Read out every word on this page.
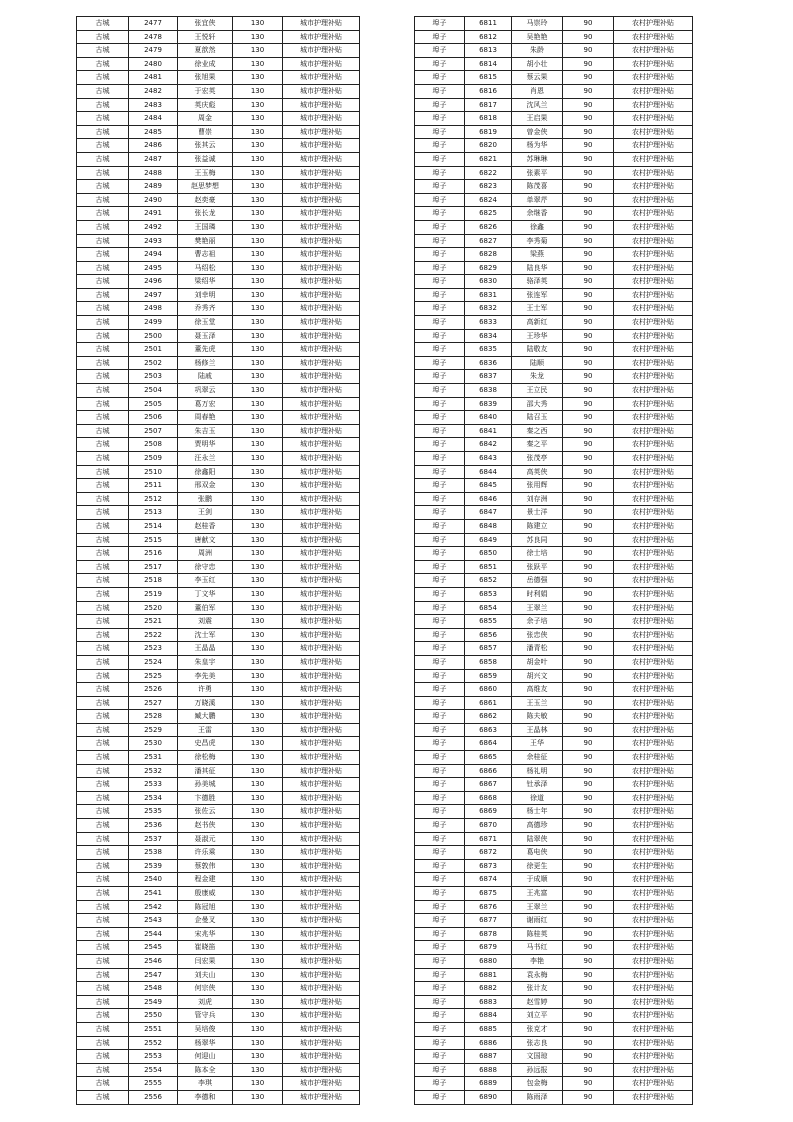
古城	2477	张宜侠	130	城市护理补贴
古城	2478	王悦轩	130	城市护理补贴
古城	2479	夏歆然	130	城市护理补贴
古城	2480	徐业成	130	城市护理补贴
古城	2481	张旭果	130	城市护理补贴
古城	2482	于宏英	130	城市护理补贴
古城	2483	英庆彪	130	城市护理补贴
古城	2484	周金	130	城市护理补贴
古城	2485	曹崇	130	城市护理补贴
古城	2486	张其云	130	城市护理补贴
古城	2487	张益诚	130	城市护理补贴
古城	2488	王玉梅	130	城市护理补贴
古城	2489	赵思梦想	130	城市护理补贴
古城	2490	赵奕豪	130	城市护理补贴
古城	2491	张长龙	130	城市护理补贴
古城	2492	王国璘	130	城市护理补贴
古城	2493	樊艳丽	130	城市护理补贴
古城	2494	曹志祖	130	城市护理补贴
古城	2495	马绍松	130	城市护理补贴
古城	2496	梁绍华	130	城市护理补贴
古城	2497	刘幸明	130	城市护理补贴
古城	2498	乔秀齐	130	城市护理补贴
古城	2499	徐玉堂	130	城市护理补贴
古城	2500	聂玉泽	130	城市护理补贴
古城	2501	董先虎	130	城市护理补贴
古城	2502	杨修兰	130	城市护理补贴
古城	2503	陆戚	130	城市护理补贴
古城	2504	巩翠云	130	城市护理补贴
古城	2505	葛万宏	130	城市护理补贴
古城	2506	周春艳	130	城市护理补贴
古城	2507	朱吉玉	130	城市护理补贴
古城	2508	贾明华	130	城市护理补贴
古城	2509	汪永兰	130	城市护理补贴
古城	2510	徐鑫阳	130	城市护理补贴
古城	2511	邢双金	130	城市护理补贴
古城	2512	张鹏	130	城市护理补贴
古城	2513	王剑	130	城市护理补贴
古城	2514	赵桂香	130	城市护理补贴
古城	2515	唐献文	130	城市护理补贴
古城	2516	周洲	130	城市护理补贴
古城	2517	徐守忠	130	城市护理补贴
古城	2518	李玉红	130	城市护理补贴
古城	2519	丁文华	130	城市护理补贴
古城	2520	董伯军	130	城市护理补贴
古城	2521	刘震	130	城市护理补贴
古城	2522	沈士军	130	城市护理补贴
古城	2523	王晶晶	130	城市护理补贴
古城	2524	朱皇宇	130	城市护理补贴
古城	2525	李先美	130	城市护理补贴
古城	2526	许勇	130	城市护理补贴
古城	2527	万晓溪	130	城市护理补贴
古城	2528	臧大鹏	130	城市护理补贴
古城	2529	王雷	130	城市护理补贴
古城	2530	史昌虎	130	城市护理补贴
古城	2531	徐松梅	130	城市护理补贴
古城	2532	潘其征	130	城市护理补贴
古城	2533	孙美城	130	城市护理补贴
古城	2534	卞德胜	130	城市护理补贴
古城	2535	张佐云	130	城市护理补贴
古城	2536	赵书侠	130	城市护理补贴
古城	2537	聂淑元	130	城市护理补贴
古城	2538	许乐乘	130	城市护理补贴
古城	2539	蔡敦伟	130	城市护理补贴
古城	2540	程金建	130	城市护理补贴
古城	2541	殷康威	130	城市护理补贴
古城	2542	陈冠旭	130	城市护理补贴
古城	2543	企曼叉	130	城市护理补贴
古城	2544	宋兆华	130	城市护理补贴
古城	2545	崔晓笛	130	城市护理补贴
古城	2546	闫宏果	130	城市护理补贴
古城	2547	刘夫山	130	城市护理补贴
古城	2548	何宗侠	130	城市护理补贴
古城	2549	刘虎	130	城市护理补贴
古城	2550	管守兵	130	城市护理补贴
古城	2551	吴培俊	130	城市护理补贴
古城	2552	杨翠华	130	城市护理补贴
古城	2553	何迎山	130	城市护理补贴
古城	2554	陈本全	130	城市护理补贴
古城	2555	李琪	130	城市护理补贴
古城	2556	李德和	130	城市护理补贴
埠子	6811	马崇玲	90	农村护理补贴
埠子	6812	吴艳艳	90	农村护理补贴
埠子	6813	朱龄	90	农村护理补贴
埠子	6814	胡小壮	90	农村护理补贴
埠子	6815	蔡云果	90	农村护理补贴
埠子	6816	肖恩	90	农村护理补贴
埠子	6817	沈风兰	90	农村护理补贴
埠子	6818	王启果	90	农村护理补贴
埠子	6819	曾金侠	90	农村护理补贴
埠子	6820	杨为华	90	农村护理补贴
埠子	6821	苏琳琳	90	农村护理补贴
埠子	6822	张素平	90	农村护理补贴
埠子	6823	陈茂喜	90	农村护理补贴
埠子	6824	单翠芹	90	农村护理补贴
埠子	6825	余继香	90	农村护理补贴
埠子	6826	徐鑫	90	农村护理补贴
埠子	6827	李秀菊	90	农村护理补贴
埠子	6828	梁燕	90	农村护理补贴
埠子	6829	陆良华	90	农村护理补贴
埠子	6830	骆泽英	90	农村护理补贴
埠子	6831	张连军	90	农村护理补贴
埠子	6832	王士军	90	农村护理补贴
埠子	6833	高新红	90	农村护理补贴
埠子	6834	王珍华	90	农村护理补贴
埠子	6835	陆敬友	90	农村护理补贴
埠子	6836	陆顺	90	农村护理补贴
埠子	6837	朱龙	90	农村护理补贴
埠子	6838	王立民	90	农村护理补贴
埠子	6839	邵大秀	90	农村护理补贴
埠子	6840	陆召玉	90	农村护理补贴
埠子	6841	秦之西	90	农村护理补贴
埠子	6842	秦之平	90	农村护理补贴
埠子	6843	张茂亭	90	农村护理补贴
埠子	6844	高英侠	90	农村护理补贴
埠子	6845	张用辉	90	农村护理补贴
埠子	6846	刘存洲	90	农村护理补贴
埠子	6847	景士洋	90	农村护理补贴
埠子	6848	陈建立	90	农村护理补贴
埠子	6849	苏良同	90	农村护理补贴
埠子	6850	徐士培	90	农村护理补贴
埠子	6851	张跃平	90	农村护理补贴
埠子	6852	岳德强	90	农村护理补贴
埠子	6853	时利娟	90	农村护理补贴
埠子	6854	王翠兰	90	农村护理补贴
埠子	6855	余子培	90	农村护理补贴
埠子	6856	张忠侠	90	农村护理补贴
埠子	6857	潘青松	90	农村护理补贴
埠子	6858	胡金叶	90	农村护理补贴
埠子	6859	胡兴文	90	农村护理补贴
埠子	6860	高维友	90	农村护理补贴
埠子	6861	王玉兰	90	农村护理补贴
埠子	6862	陈夫敏	90	农村护理补贴
埠子	6863	王晶林	90	农村护理补贴
埠子	6864	王华	90	农村护理补贴
埠子	6865	余桂征	90	农村护理补贴
埠子	6866	杨礼明	90	农村护理补贴
埠子	6867	钍承泽	90	农村护理补贴
埠子	6868	徐道	90	农村护理补贴
埠子	6869	杨士年	90	农村护理补贴
埠子	6870	高德珍	90	农村护理补贴
埠子	6871	陆翠侠	90	农村护理补贴
埠子	6872	葛电侠	90	农村护理补贴
埠子	6873	徐更生	90	农村护理补贴
埠子	6874	于成顺	90	农村护理补贴
埠子	6875	王兆富	90	农村护理补贴
埠子	6876	王翠兰	90	农村护理补贴
埠子	6877	谢雨红	90	农村护理补贴
埠子	6878	陈桂英	90	农村护理补贴
埠子	6879	马书红	90	农村护理补贴
埠子	6880	李艳	90	农村护理补贴
埠子	6881	袁永梅	90	农村护理补贴
埠子	6882	张计友	90	农村护理补贴
埠子	6883	赵雪婷	90	农村护理补贴
埠子	6884	刘立平	90	农村护理补贴
埠子	6885	张克才	90	农村护理补贴
埠子	6886	张志良	90	农村护理补贴
埠子	6887	文国琼	90	农村护理补贴
埠子	6888	孙远报	90	农村护理补贴
埠子	6889	包金梅	90	农村护理补贴
埠子	6890	陈雨泽	90	农村护理补贴
